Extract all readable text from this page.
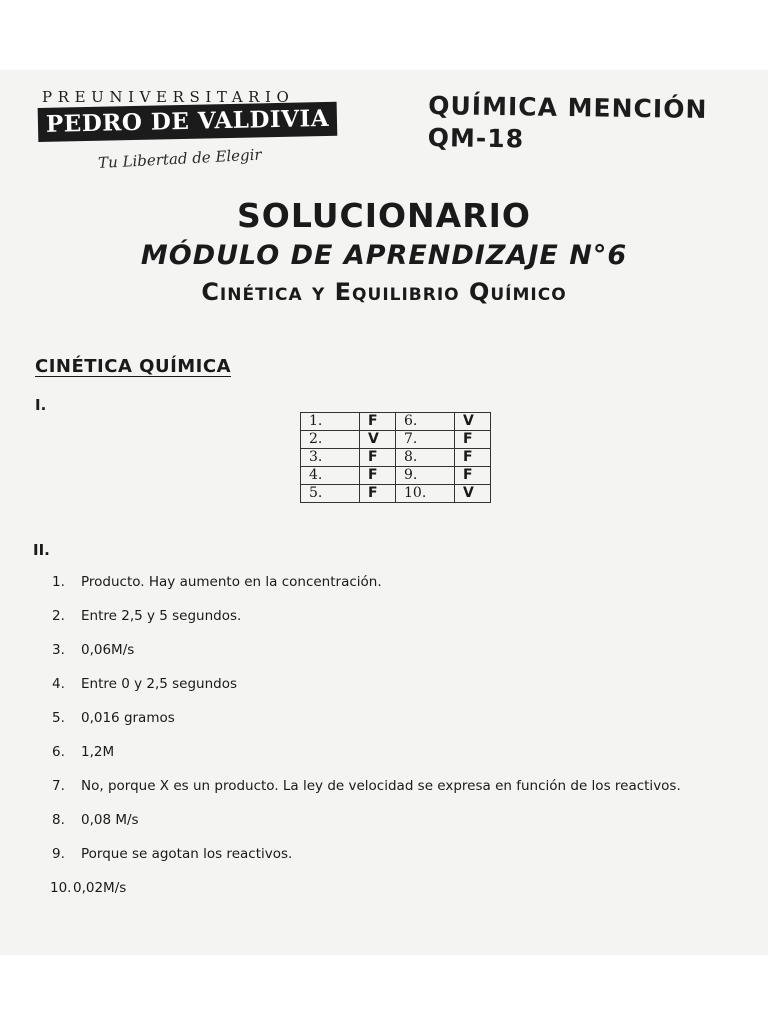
PREUNIVERSITARIO
PEDRO DE VALDIVIA
Tu Libertad de Elegir
QUÍMICA MENCIÓN
QM-18
SOLUCIONARIO
MÓDULO DE APRENDIZAJE N°6
Cinética y Equilibrio Químico
CINÉTICA QUÍMICA
I.
1.	F	6.	V
2.	V	7.	F
3.	F	8.	F
4.	F	9.	F
5.	F	10.	V
II.
1. Producto. Hay aumento en la concentración.
2. Entre 2,5 y 5 segundos.
3. 0,06M/s
4. Entre 0 y 2,5 segundos
5. 0,016 gramos
6. 1,2M
7. No, porque X es un producto. La ley de velocidad se expresa en función de los reactivos.
8. 0,08 M/s
9. Porque se agotan los reactivos.
10. 0,02M/s
